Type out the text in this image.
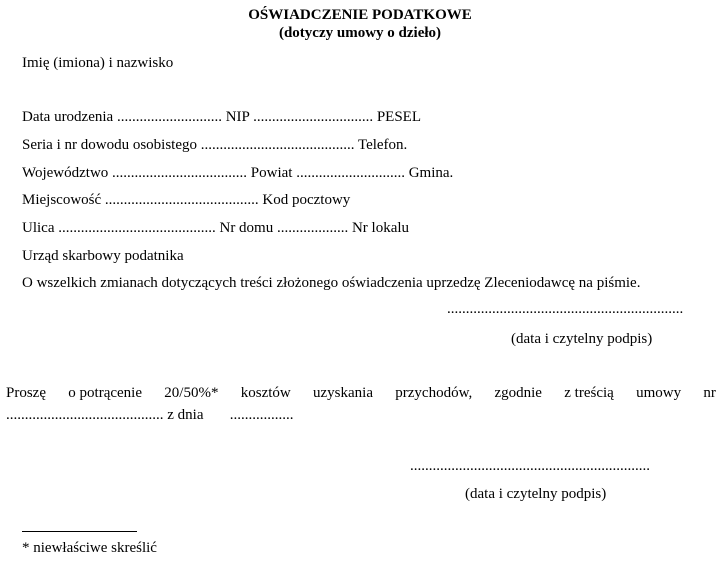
OŚWIADCZENIE PODATKOWE
(dotyczy umowy o dzieło)
Imię (imiona) i nazwisko
Data urodzenia ............................ NIP ................................ PESEL
Seria i nr dowodu osobistego ......................................... Telefon.
Województwo .................................... Powiat ............................. Gmina.
Miejscowość ......................................... Kod pocztowy
Ulica .......................................... Nr domu ................... Nr lokalu
Urząd skarbowy podatnika
O wszelkich zmianach dotyczących treści złożonego oświadczenia uprzedzę Zleceniodawcę na piśmie.
...............................................................
(data i czytelny podpis)
Proszę o potrącenie 20/50%* kosztów uzyskania przychodów, zgodnie z treścią umowy nr
.......................................... z dnia       .................
................................................................
(data i czytelny podpis)
* niewłaściwe skreślić
